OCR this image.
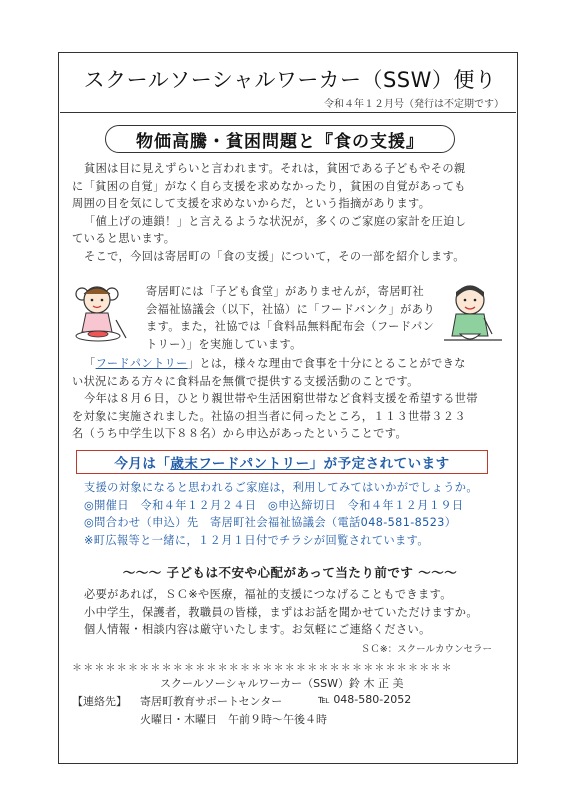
スクールソーシャルワーカー（SSW）便り
令和４年１２月号（発行は不定期です）
物価高騰・貧困問題と『食の支援』
貧困は目に見えずらいと言われます。それは，貧困である子どもやその親
に「貧困の自覚」がなく自ら支援を求めなかったり，貧困の自覚があっても
周囲の目を気にして支援を求めないからだ，という指摘があります。
「値上げの連鎖！」と言えるような状況が，多くのご家庭の家計を圧迫し
ていると思います。
そこで，今回は寄居町の「食の支援」について，その一部を紹介します。
寄居町には「子ども食堂」がありませんが，寄居町社
会福祉協議会（以下，社協）に「フードバンク」があり
ます。また，社協では「食料品無料配布会（フードパン
トリー）」を実施しています。
「フードパントリー」とは，様々な理由で食事を十分にとることができな
い状況にある方々に食料品を無償で提供する支援活動のことです。
今年は８月６日，ひとり親世帯や生活困窮世帯など食料支援を希望する世帯
を対象に実施されました。社協の担当者に伺ったところ，１１３世帯３２３
名（うち中学生以下８８名）から申込があったということです。
今月は「歳末フードパントリー」が予定されています
支援の対象になると思われるご家庭は，利用してみてはいかがでしょうか。
◎開催日　令和４年１２月２４日　◎申込締切日　令和４年１２月１９日
◎問合わせ（申込）先　寄居町社会福祉協議会（電話048-581-8523）
※町広報等と一緒に，１２月１日付でチラシが回覧されています。
～～～ 子どもは不安や心配があって当たり前です ～～～
必要があれば，ＳＣ※や医療，福祉的支援につなげることもできます。
小中学生，保護者，教職員の皆様，まずはお話を聞かせていただけますか。
個人情報・相談内容は厳守いたします。お気軽にご連絡ください。
ＳＣ※：スクールカウンセラー
＊＊＊＊＊＊＊＊＊＊＊＊＊＊＊＊＊＊＊＊＊＊＊＊＊＊＊＊＊＊＊＊＊＊
スクールソーシャルワーカー（SSW）鈴 木 正 美
【連絡先】 寄居町教育サポートセンター	℡ 048-580-2052
火曜日・木曜日　午前９時～午後４時
